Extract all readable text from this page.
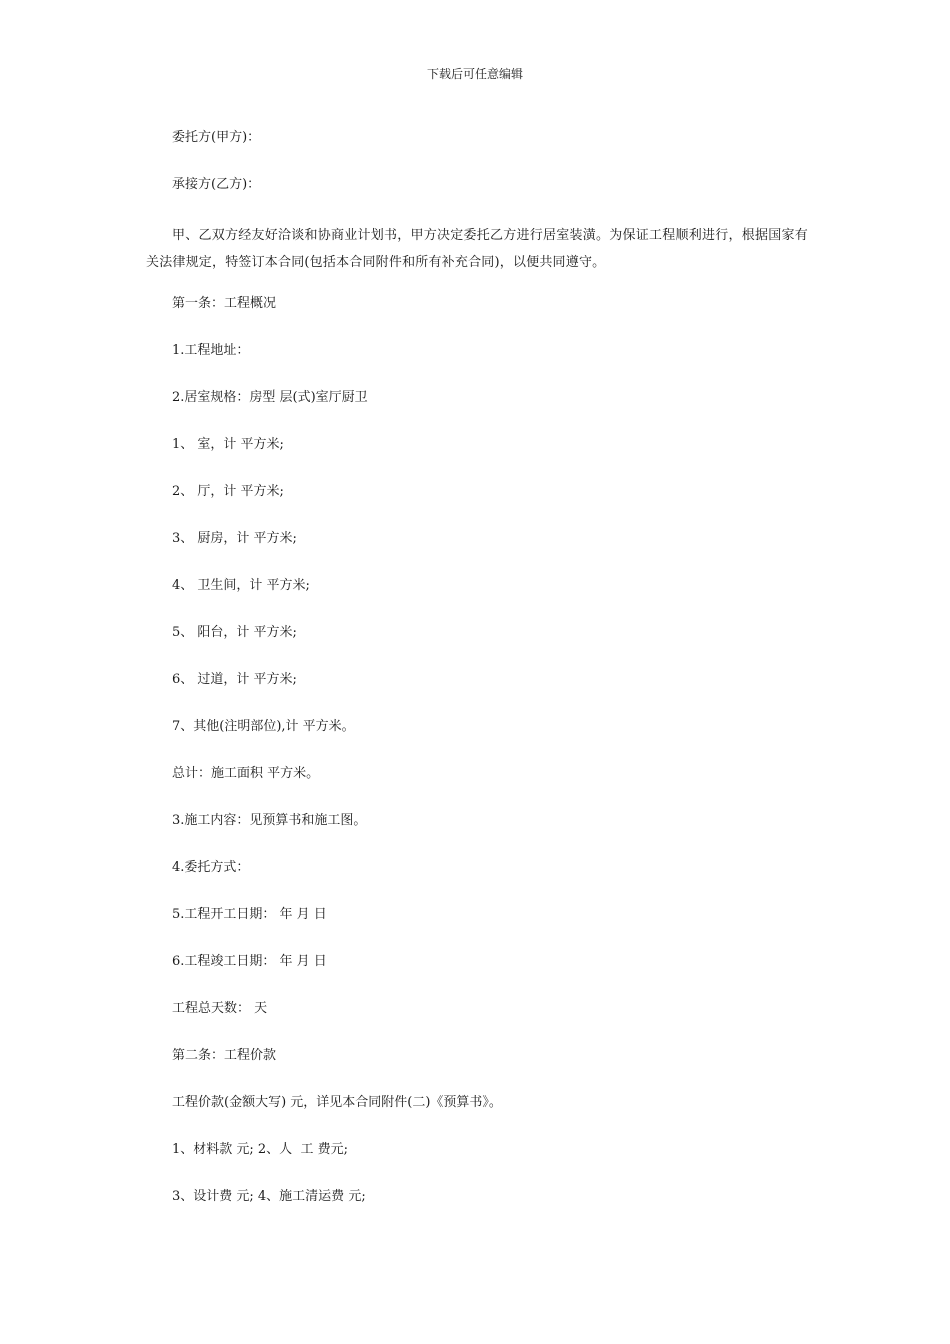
下载后可任意编辑
委托方(甲方)：
承接方(乙方)：
甲、乙双方经友好洽谈和协商业计划书，甲方决定委托乙方进行居室装潢。为保证工程顺利进行，根据国家有关法律规定，特签订本合同(包括本合同附件和所有补充合同)，以便共同遵守。
第一条：工程概况
1.工程地址：
2.居室规格：房型 层(式)室厅厨卫
1、 室，计 平方米;
2、 厅，计 平方米;
3、 厨房，计 平方米;
4、 卫生间，计 平方米;
5、 阳台，计 平方米;
6、 过道，计 平方米;
7、其他(注明部位),计 平方米。
总计：施工面积 平方米。
3.施工内容：见预算书和施工图。
4.委托方式：
5.工程开工日期： 年 月 日
6.工程竣工日期： 年 月 日
工程总天数： 天
第二条：工程价款
工程价款(金额大写) 元，详见本合同附件(二)《预算书》。
1、材料款 元; 2、人  工 费元;
3、设计费 元; 4、施工清运费 元;
